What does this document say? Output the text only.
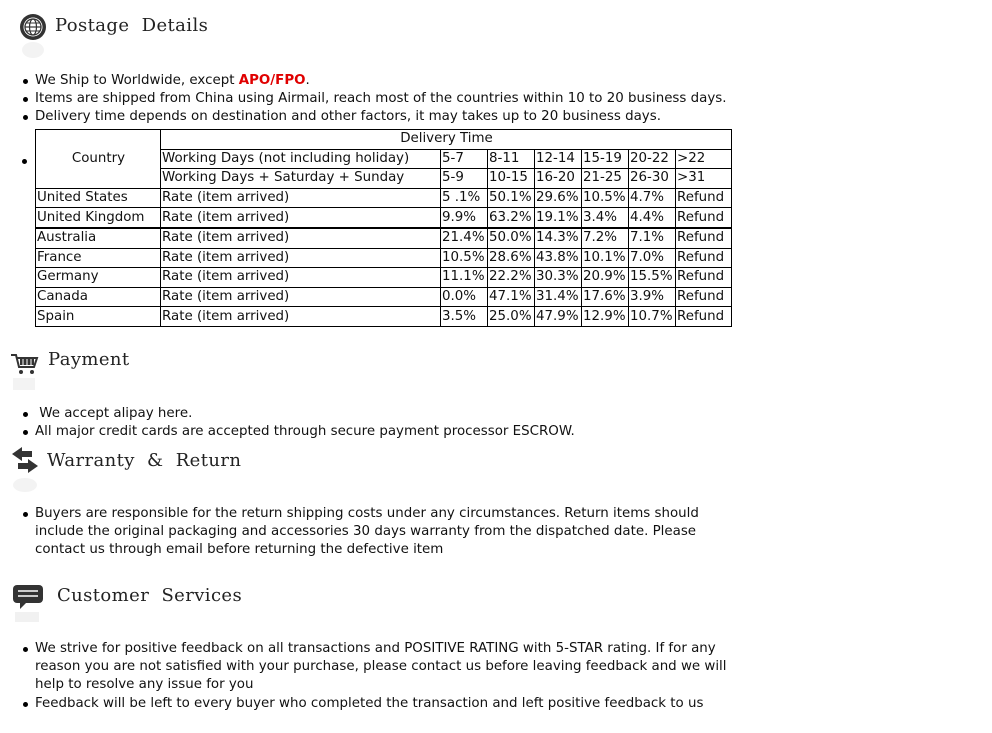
Postage  Details
We Ship to Worldwide, except APO/FPO.
Items are shipped from China using Airmail, reach most of the countries within 10 to 20 business days.
Delivery time depends on destination and other factors, it may takes up to 20 business days.
Country	Delivery Time						
	Working Days (not including holiday)	5-7	8-11	12-14	15-19	20-22	>22
	Working Days + Saturday + Sunday	5-9	10-15	16-20	21-25	26-30	>31
United States	Rate (item arrived)	5 .1%	50.1%	29.6%	10.5%	4.7%	Refund
United Kingdom	Rate (item arrived)	9.9%	63.2%	19.1%	3.4%	4.4%	Refund
Australia	Rate (item arrived)	21.4%	50.0%	14.3%	7.2%	7.1%	Refund
France	Rate (item arrived)	10.5%	28.6%	43.8%	10.1%	7.0%	Refund
Germany	Rate (item arrived)	11.1%	22.2%	30.3%	20.9%	15.5%	Refund
Canada	Rate (item arrived)	0.0%	47.1%	31.4%	17.6%	3.9%	Refund
Spain	Rate (item arrived)	3.5%	25.0%	47.9%	12.9%	10.7%	Refund
Payment
We accept alipay here.
All major credit cards are accepted through secure payment processor ESCROW.
Warranty  &  Return
Buyers are responsible for the return shipping costs under any circumstances. Return items should include the original packaging and accessories 30 days warranty from the dispatched date. Please contact us through email before returning the defective item
Customer  Services
We strive for positive feedback on all transactions and POSITIVE RATING with 5-STAR rating. If for any reason you are not satisfied with your purchase, please contact us before leaving feedback and we will help to resolve any issue for you
Feedback will be left to every buyer who completed the transaction and left positive feedback to us
